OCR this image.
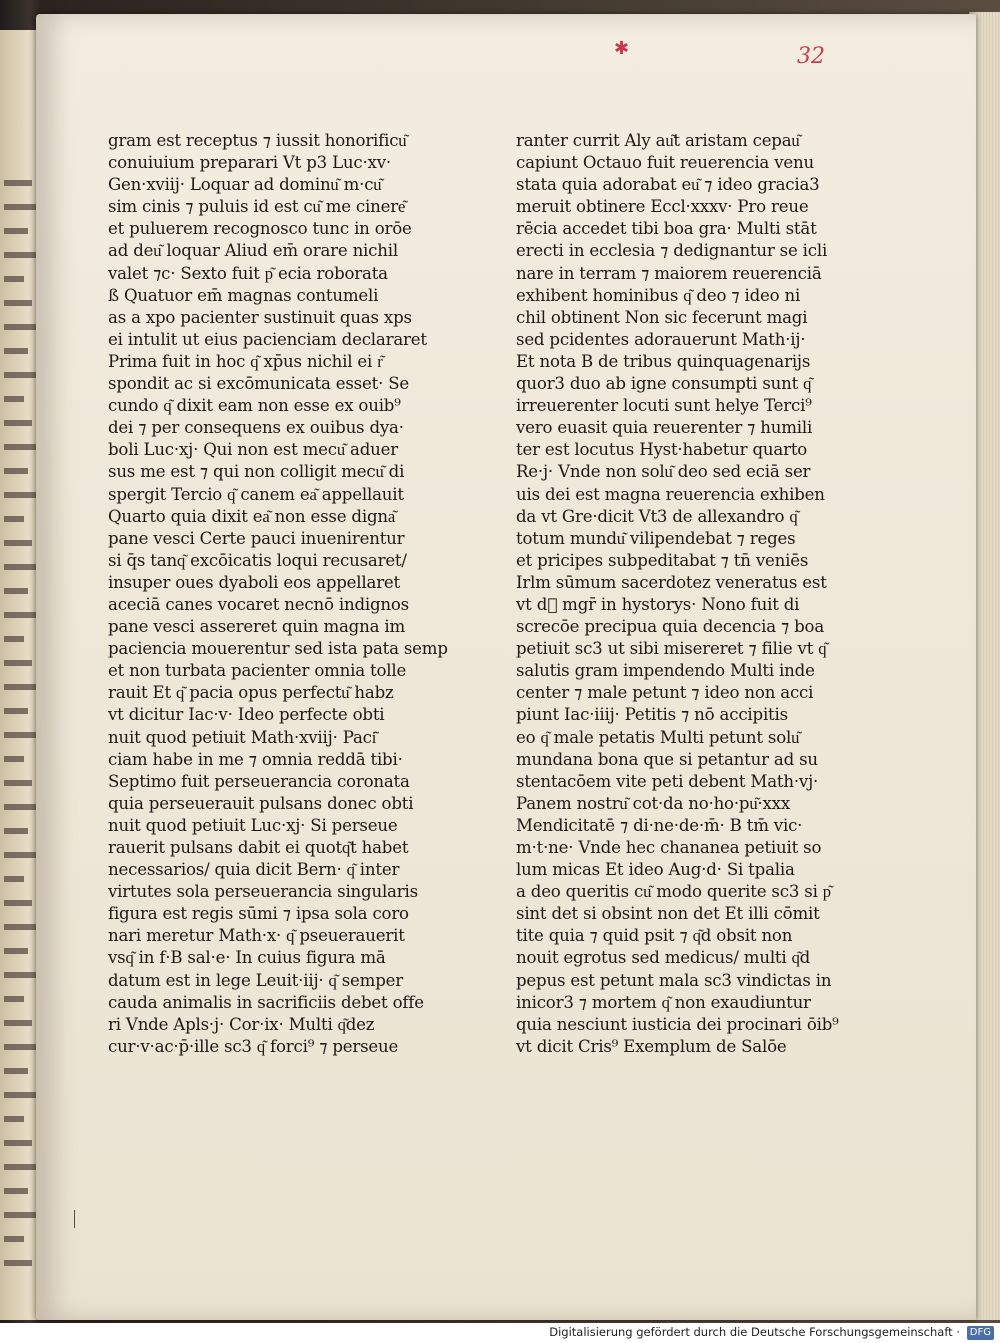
✱	32
gram est receptus ⁊ iussit honorificu͂
conuiuium preparari Vt p3 Luc·xv·
Gen·xviij· Loquar ad dominu͂ m·cu͂
sim cinis ⁊ puluis id est cu͂ me cinere͂
et puluerem recognosco tunc in orōe
ad deu͂ loquar Aliud em̄ orare nichil
valet ⁊c· Sexto fuit p͂ ecia roborata
ß Quatuor em̄ magnas contumeli
as a xpo pacienter sustinuit quas xps
ei intulit ut eius pacienciam declararet
Prima fuit in hoc q͂ xp̄us nichil ei r͂
spondit ac si excōmunicata esset· Se
cundo q͂ dixit eam non esse ex ouib⁹
dei ⁊ per consequens ex ouibus dya·
boli Luc·xj· Qui non est mecu͂ aduer
sus me est ⁊ qui non colligit mecu͂ di
spergit Tercio q͂ canem ea͂ appellauit
Quarto quia dixit ea͂ non esse digna͂
pane vesci Certe pauci inuenirentur
si q̄s tanq͂ excōicatis loqui recusaret/
insuper oues dyaboli eos appellaret
aceciā canes vocaret necnō indignos
pane vesci assereret quin magna im
paciencia mouerentur sed ista pata semp
et non turbata pacienter omnia tolle
rauit Et q͂ pacia opus perfectu͂ habz
vt dicitur Iac·v· Ideo perfecte obti
nuit quod petiuit Math·xviij· Paci͂
ciam habe in me ⁊ omnia reddā tibi·
Septimo fuit perseuerancia coronata
quia perseuerauit pulsans donec obti
nuit quod petiuit Luc·xj· Si perseue
rauerit pulsans dabit ei quotq͂t habet
necessarios/ quia dicit Bern· q͂ inter
virtutes sola perseuerancia singularis
figura est regis sūmi ⁊ ipsa sola coro
nari meretur Math·x· q͂ pseuerauerit
vsq͂ in f·B sal·e· In cuius figura mā
datum est in lege Leuit·iij· q͂ semper
cauda animalis in sacrificiis debet offe
ri Vnde Apls·j· Cor·ix· Multi q͂dez
cur·v·ac·p̄·ille sc3 q͂ forci⁹ ⁊ perseue
ranter currit Aly au͂t aristam cepau͂
capiunt Octauo fuit reuerencia venu
stata quia adorabat eu͂ ⁊ ideo gracia3
meruit obtinere Eccl·xxxv· Pro reue
rēcia accedet tibi boa gra· Multi stāt
erecti in ecclesia ⁊ dedignantur se icli
nare in terram ⁊ maiorem reuerenciā
exhibent hominibus q͂ deo ⁊ ideo ni
chil obtinent Non sic fecerunt magi
sed pcidentes adorauerunt Math·ij·
Et nota B de tribus quinquagenarijs
quor3 duo ab igne consumpti sunt q͂
irreuerenter locuti sunt helye Terci⁹
vero euasit quia reuerenter ⁊ humili
ter est locutus Hyst·habetur quarto
Re·j· Vnde non solu͂ deo sed eciā ser
uis dei est magna reuerencia exhiben
da vt Gre·dicit Vt3 de allexandro q͂
totum mundu͂ vilipendebat ⁊ reges
et pricipes subpeditabat ⁊ tn̄ veniēs
Irlm sūmum sacerdotez veneratus est
vt d᷑ mgr̄ in hystorys· Nono fuit di
screcōe precipua quia decencia ⁊ boa
petiuit sc3 ut sibi misereret ⁊ filie vt q͂
salutis gram impendendo Multi inde
center ⁊ male petunt ⁊ ideo non acci
piunt Iac·iiij· Petitis ⁊ nō accipitis
eo q͂ male petatis Multi petunt solu͂
mundana bona que si petantur ad su
stentacōem vite peti debent Math·vj·
Panem nostru͂ cot·da no·ho·pu͂·xxx
Mendicitatē ⁊ di·ne·de·m̄· B tm̄ vic·
m·t·ne· Vnde hec chananea petiuit so
lum micas Et ideo Aug·d· Si tpalia
a deo queritis cu͂ modo querite sc3 si p͂
sint det si obsint non det Et illi cōmit
tite quia ⁊ quid psit ⁊ q͂d obsit non
nouit egrotus sed medicus/ multi q͂d
pepus est petunt mala sc3 vindictas in
inicor3 ⁊ mortem q͂ non exaudiuntur
quia nesciunt iusticia dei procinari ōib⁹
vt dicit Cris⁹ Exemplum de Salōe
Digitalisierung gefördert durch die Deutsche Forschungsgemeinschaft · DFG
